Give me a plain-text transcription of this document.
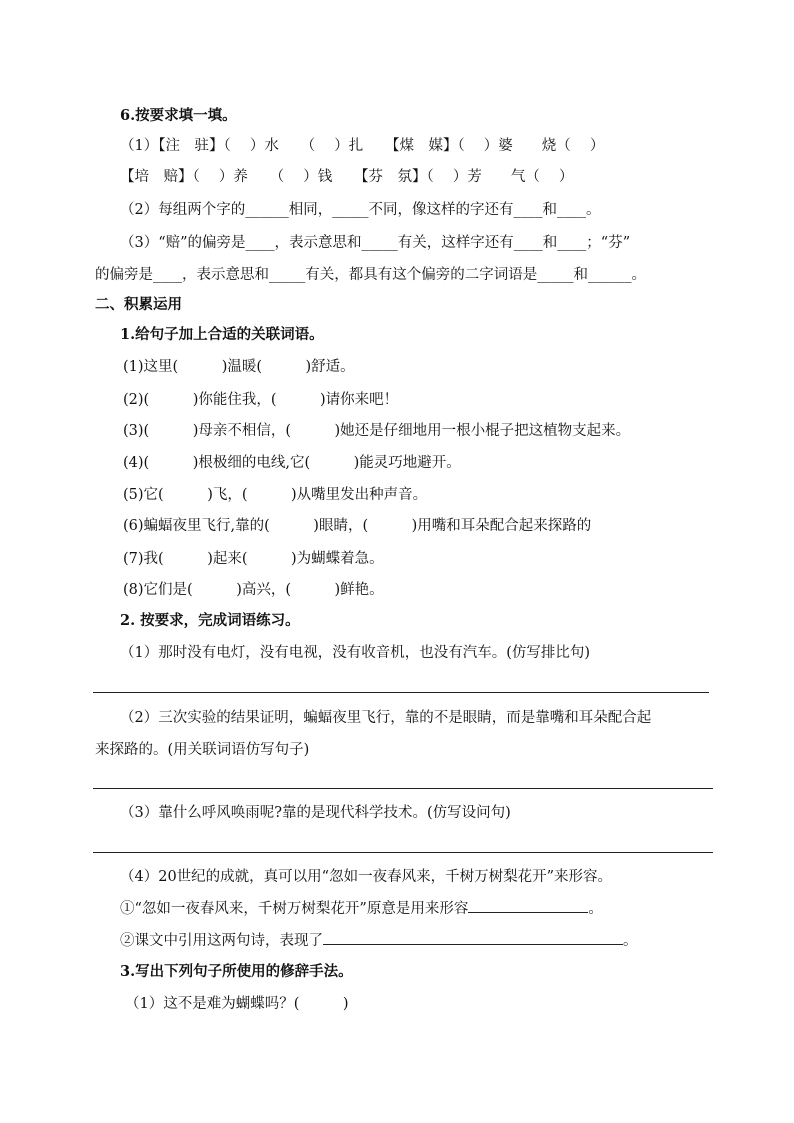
6.按要求填一填。
（1）【注　驻】（　 ）水　　（　 ）扎　　【煤　媒】（　 ）婆　　烧（　 ）
【培　赔】（　 ）养　　（　 ）钱　　【芬　氛】（　 ）芳　　气（　 ）
（2）每组两个字的______相同，_____不同，像这样的字还有____和____。
（3）“赔”的偏旁是____，表示意思和_____有关，这样字还有____和____；“芬”
的偏旁是____，表示意思和_____有关，都具有这个偏旁的二字词语是_____和______。
二、积累运用
1.给句子加上合适的关联词语。
(1)这里(　　　)温暖(　　　)舒适。
(2)(　　　)你能住我，(　　　)请你来吧！
(3)(　　　)母亲不相信，(　　　)她还是仔细地用一根小棍子把这植物支起来。
(4)(　　　)根极细的电线,它(　　　)能灵巧地避开。
(5)它(　　　)飞，(　　　)从嘴里发出种声音。
(6)蝙蝠夜里飞行,靠的(　　　)眼睛，(　　　)用嘴和耳朵配合起来探路的
(7)我(　　　)起来(　　　)为蝴蝶着急。
(8)它们是(　　　)高兴，(　　　)鲜艳。
2. 按要求，完成词语练习。
（1）那时没有电灯，没有电视，没有收音机，也没有汽车。(仿写排比句)
（2）三次实验的结果证明，蝙蝠夜里飞行，靠的不是眼睛，而是靠嘴和耳朵配合起
来探路的。(用关联词语仿写句子)
（3）靠什么呼风唤雨呢?靠的是现代科学技术。(仿写设问句)
（4）20世纪的成就，真可以用“忽如一夜春风来，千树万树梨花开”来形容。
①“忽如一夜春风来，千树万树梨花开”原意是用来形容	。
②课文中引用这两句诗，表现了	。
3.写出下列句子所使用的修辞手法。
（1）这不是难为蝴蝶吗？(　　　)
